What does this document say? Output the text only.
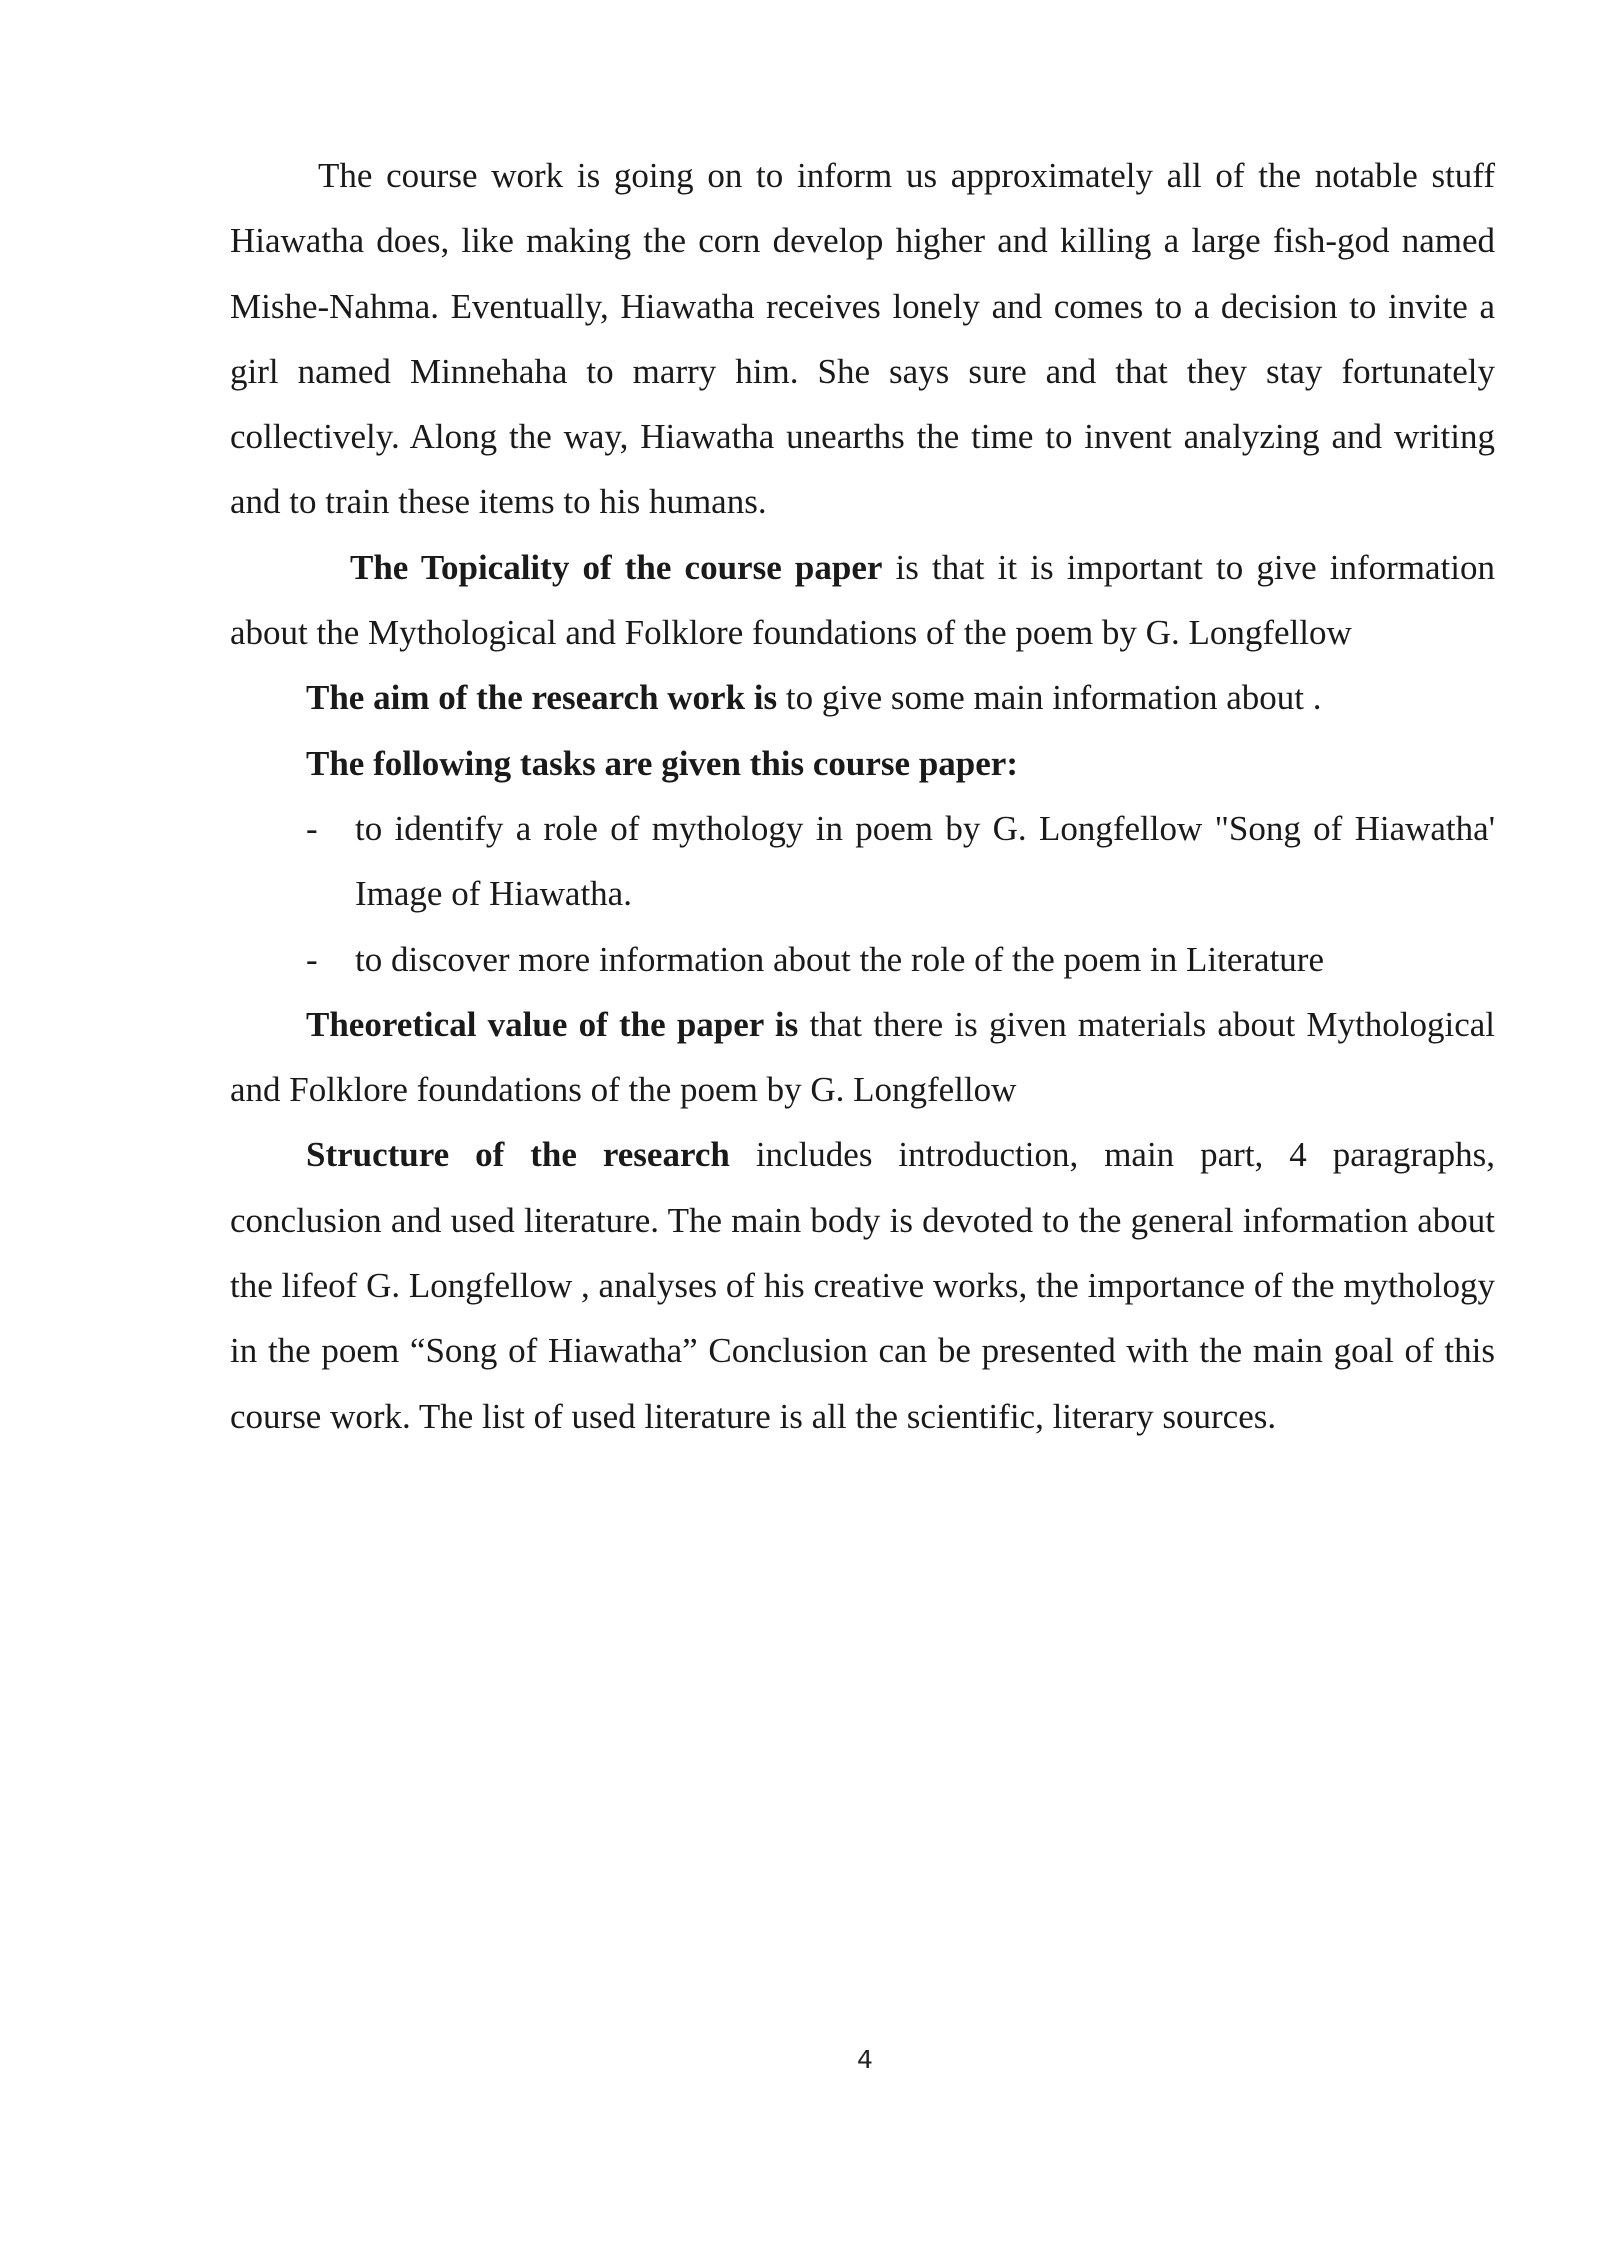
The course work is going on to inform us approximately all of the notable stuff Hiawatha does, like making the corn develop higher and killing a large fish-god named Mishe-Nahma. Eventually, Hiawatha receives lonely and comes to a decision to invite a girl named Minnehaha to marry him. She says sure and that they stay fortunately collectively. Along the way, Hiawatha unearths the time to invent analyzing and writing and to train these items to his humans.

The Topicality of the course paper is that it is important to give information about the Mythological and Folklore foundations of the poem by G. Longfellow

The aim of the research work is to give some main information about .

The following tasks are given this course paper:

- to identify a role of mythology in poem by G. Longfellow "Song of Hiawatha' Image of Hiawatha.
- to discover more information about the role of the poem in Literature

Theoretical value of the paper is that there is given materials about Mythological and Folklore foundations of the poem by G. Longfellow

Structure of the research includes introduction, main part, 4 paragraphs, conclusion and used literature. The main body is devoted to the general information about the lifeof G. Longfellow , analyses of his creative works, the importance of the mythology in the poem “Song of Hiawatha” Conclusion can be presented with the main goal of this course work. The list of used literature is all the scientific, literary sources.

4
